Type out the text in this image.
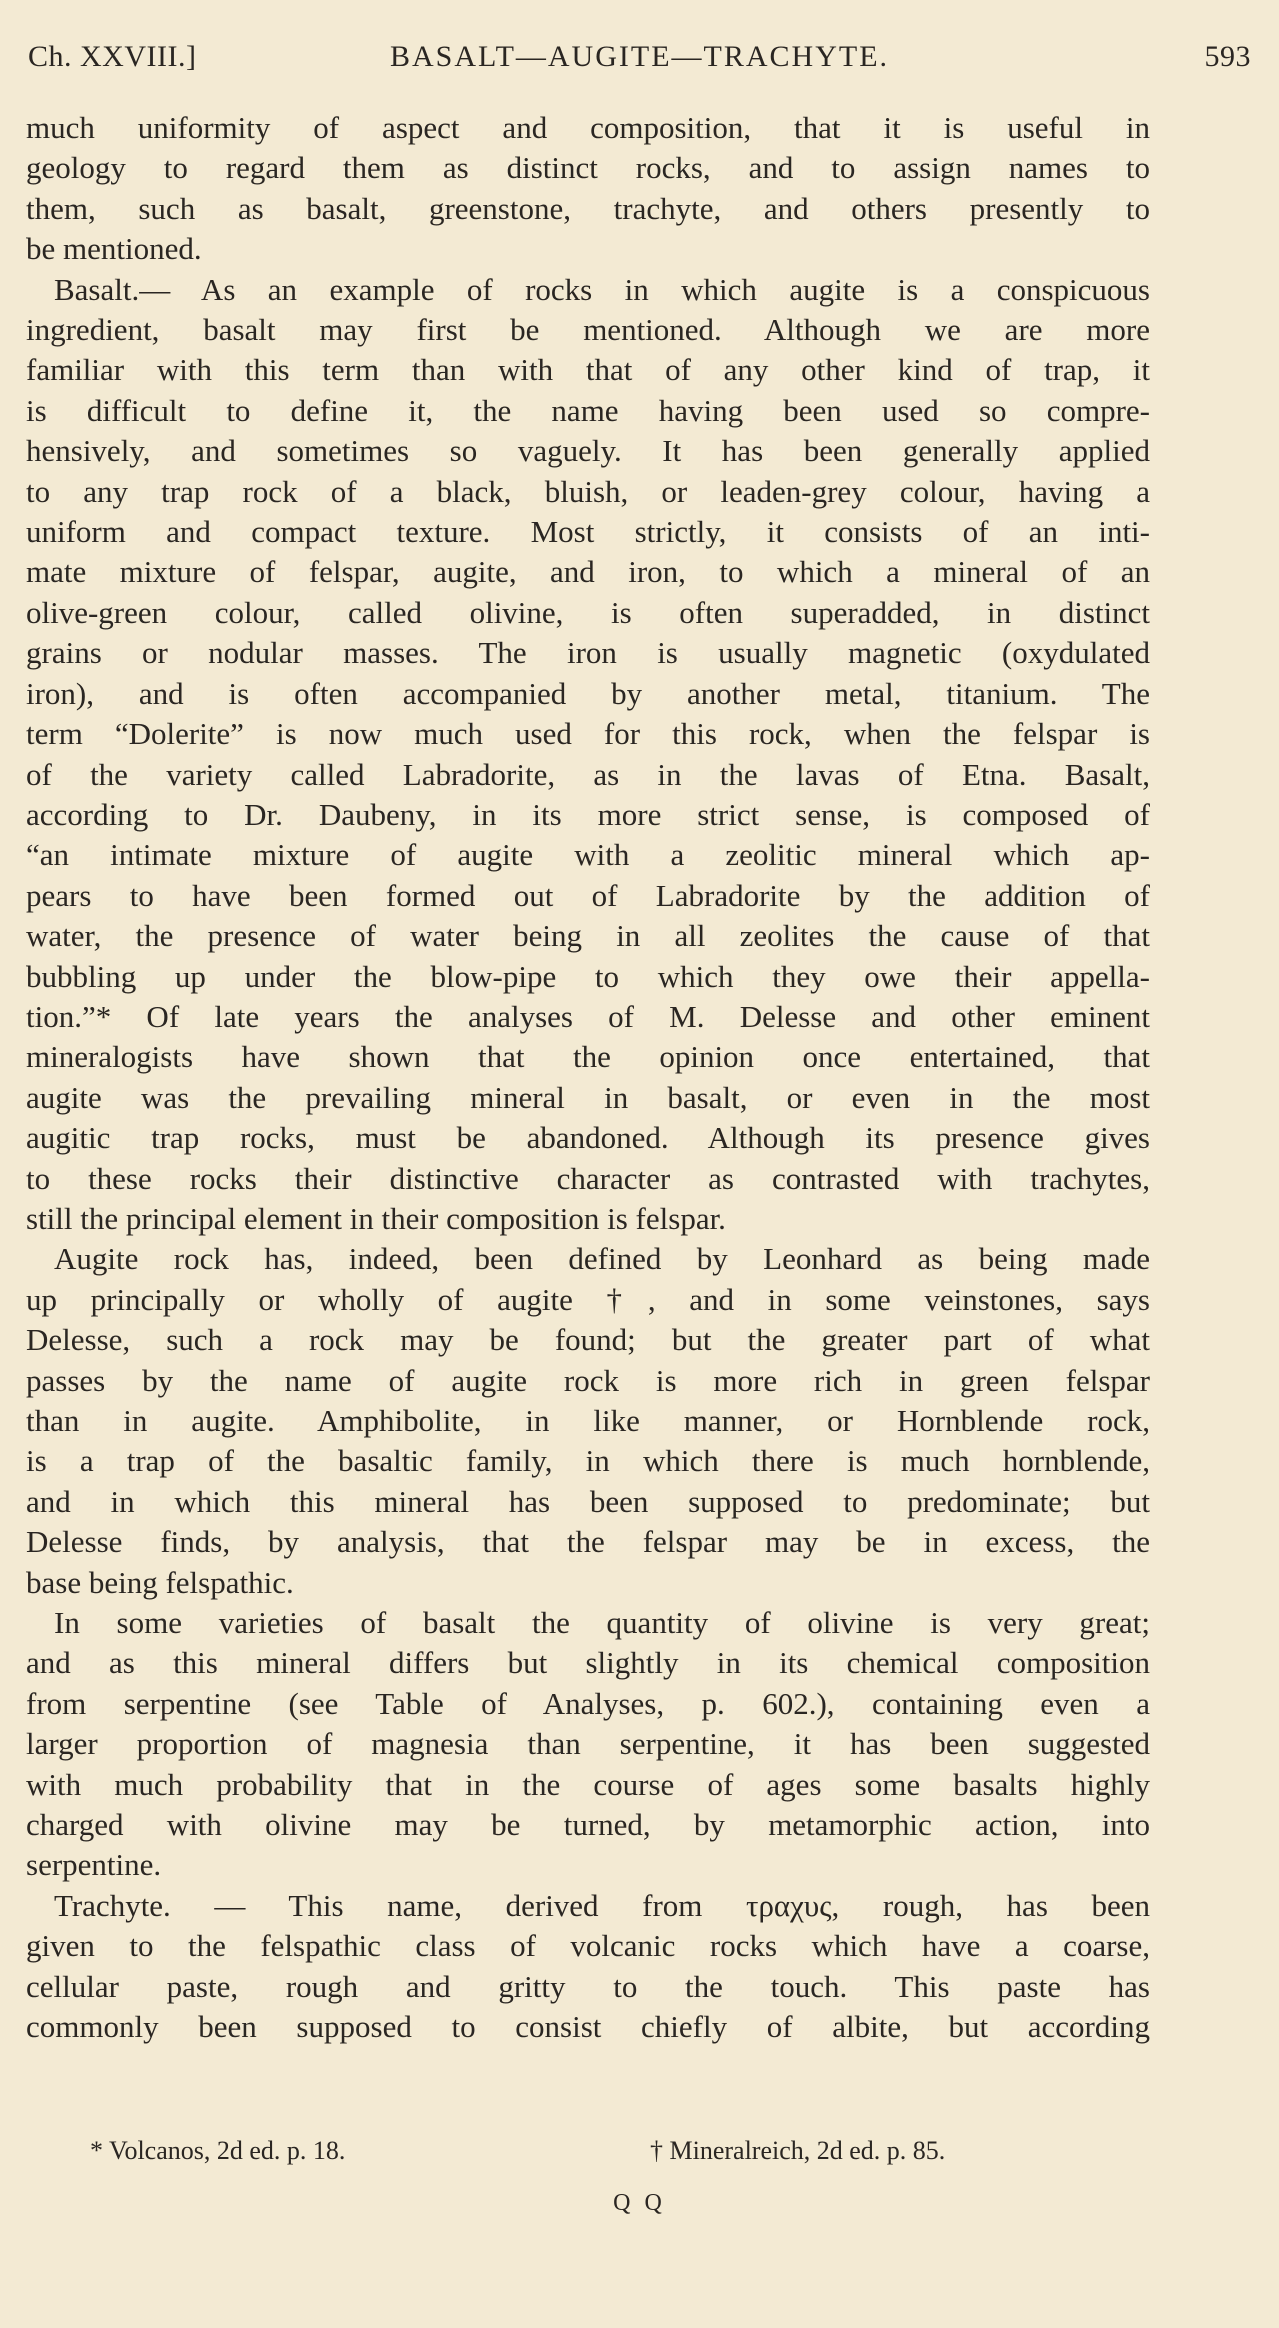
Ch. XXVIII.]	BASALT—AUGITE—TRACHYTE.	593
much uniformity of aspect and composition, that it is useful in
geology to regard them as distinct rocks, and to assign names to
them, such as basalt, greenstone, trachyte, and others presently to
be mentioned.
Basalt.— As an example of rocks in which augite is a conspicuous
ingredient, basalt may first be mentioned. Although we are more
familiar with this term than with that of any other kind of trap, it
is difficult to define it, the name having been used so compre-
hensively, and sometimes so vaguely. It has been generally applied
to any trap rock of a black, bluish, or leaden-grey colour, having a
uniform and compact texture. Most strictly, it consists of an inti-
mate mixture of felspar, augite, and iron, to which a mineral of an
olive-green colour, called olivine, is often superadded, in distinct
grains or nodular masses. The iron is usually magnetic (oxydulated
iron), and is often accompanied by another metal, titanium. The
term “Dolerite” is now much used for this rock, when the felspar is
of the variety called Labradorite, as in the lavas of Etna. Basalt,
according to Dr. Daubeny, in its more strict sense, is composed of
“an intimate mixture of augite with a zeolitic mineral which ap-
pears to have been formed out of Labradorite by the addition of
water, the presence of water being in all zeolites the cause of that
bubbling up under the blow-pipe to which they owe their appella-
tion.”* Of late years the analyses of M. Delesse and other eminent
mineralogists have shown that the opinion once entertained, that
augite was the prevailing mineral in basalt, or even in the most
augitic trap rocks, must be abandoned. Although its presence gives
to these rocks their distinctive character as contrasted with trachytes,
still the principal element in their composition is felspar.
Augite rock has, indeed, been defined by Leonhard as being made
up principally or wholly of augite †, and in some veinstones, says
Delesse, such a rock may be found; but the greater part of what
passes by the name of augite rock is more rich in green felspar
than in augite. Amphibolite, in like manner, or Hornblende rock,
is a trap of the basaltic family, in which there is much hornblende,
and in which this mineral has been supposed to predominate; but
Delesse finds, by analysis, that the felspar may be in excess, the
base being felspathic.
In some varieties of basalt the quantity of olivine is very great;
and as this mineral differs but slightly in its chemical composition
from serpentine (see Table of Analyses, p. 602.), containing even a
larger proportion of magnesia than serpentine, it has been suggested
with much probability that in the course of ages some basalts highly
charged with olivine may be turned, by metamorphic action, into
serpentine.
Trachyte. — This name, derived from τραχυς, rough, has been
given to the felspathic class of volcanic rocks which have a coarse,
cellular paste, rough and gritty to the touch. This paste has
commonly been supposed to consist chiefly of albite, but according
* Volcanos, 2d ed. p. 18.	† Mineralreich, 2d ed. p. 85.
Q Q
